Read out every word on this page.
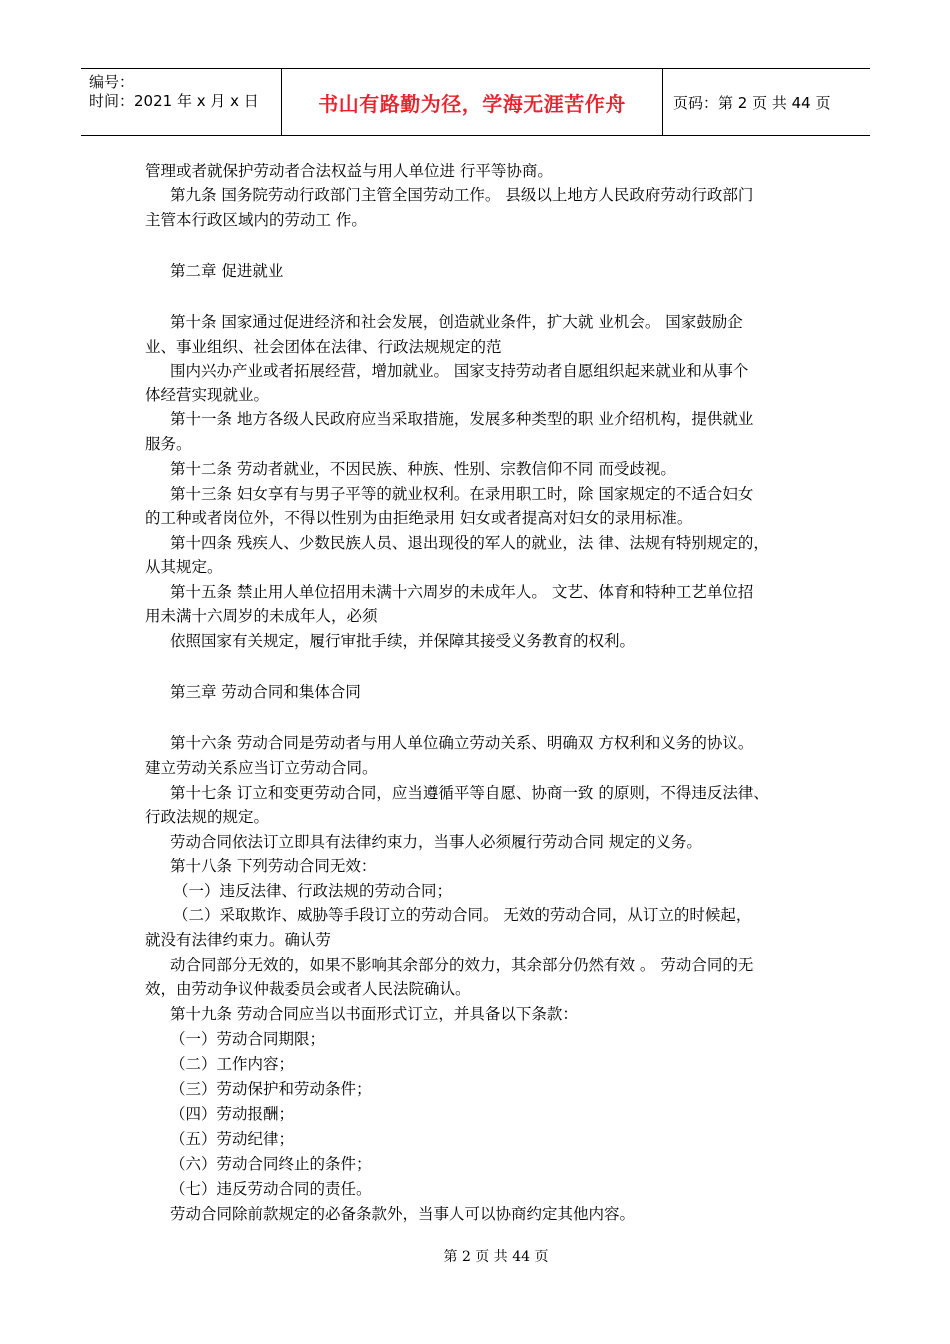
编号：
时间：2021 年 x 月 x 日	书山有路勤为径，学海无涯苦作舟	页码：第 2 页 共 44 页
管理或者就保护劳动者合法权益与用人单位进 行平等协商。
第九条 国务院劳动行政部门主管全国劳动工作。 县级以上地方人民政府劳动行政部门
主管本行政区域内的劳动工 作。
第二章 促进就业
第十条 国家通过促进经济和社会发展，创造就业条件，扩大就 业机会。 国家鼓励企
业、事业组织、社会团体在法律、行政法规规定的范
围内兴办产业或者拓展经营，增加就业。 国家支持劳动者自愿组织起来就业和从事个
体经营实现就业。
第十一条 地方各级人民政府应当采取措施，发展多种类型的职 业介绍机构，提供就业
服务。
第十二条 劳动者就业，不因民族、种族、性别、宗教信仰不同 而受歧视。
第十三条 妇女享有与男子平等的就业权利。在录用职工时，除 国家规定的不适合妇女
的工种或者岗位外，不得以性别为由拒绝录用 妇女或者提高对妇女的录用标准。
第十四条 残疾人、少数民族人员、退出现役的军人的就业，法 律、法规有特别规定的，
从其规定。
第十五条 禁止用人单位招用未满十六周岁的未成年人。 文艺、体育和特种工艺单位招
用未满十六周岁的未成年人，必须
依照国家有关规定，履行审批手续，并保障其接受义务教育的权利。
第三章 劳动合同和集体合同
第十六条 劳动合同是劳动者与用人单位确立劳动关系、明确双 方权利和义务的协议。
建立劳动关系应当订立劳动合同。
第十七条 订立和变更劳动合同，应当遵循平等自愿、协商一致 的原则，不得违反法律、
行政法规的规定。
劳动合同依法订立即具有法律约束力，当事人必须履行劳动合同 规定的义务。
第十八条 下列劳动合同无效：
（一）违反法律、行政法规的劳动合同；
（二）采取欺诈、威胁等手段订立的劳动合同。 无效的劳动合同，从订立的时候起，
就没有法律约束力。确认劳
动合同部分无效的，如果不影响其余部分的效力，其余部分仍然有效 。 劳动合同的无
效，由劳动争议仲裁委员会或者人民法院确认。
第十九条 劳动合同应当以书面形式订立，并具备以下条款：
（一）劳动合同期限；
（二）工作内容；
（三）劳动保护和劳动条件；
（四）劳动报酬；
（五）劳动纪律；
（六）劳动合同终止的条件；
（七）违反劳动合同的责任。
劳动合同除前款规定的必备条款外，当事人可以协商约定其他内容。
第 2 页 共 44 页
